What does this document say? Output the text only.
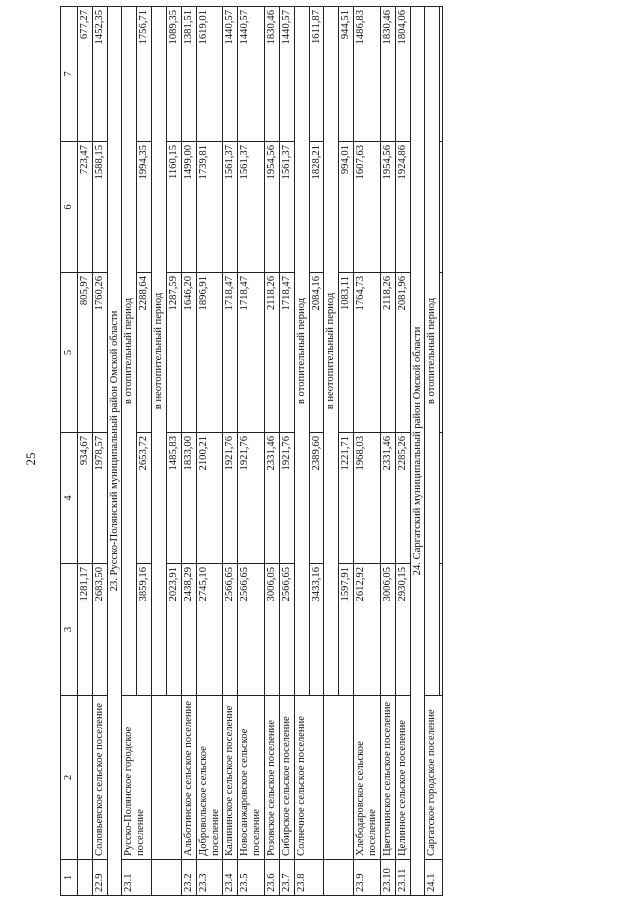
25
1	2	3	4	5	6	7
		1281,17	934,67	805,97	723,47	677,27
22.9	Соловьевское сельское поселение	2683,50	1978,57	1760,26	1588,15	1452,35
23. Русско-Полянский муниципальный район Омской области						
23.1	Русско-Полянское городское поселение	в отопительный период				
		3859,16	2653,72	2288,64	1994,35	1756,71
		в неотопительный период				
		2023,91	1485,83	1287,59	1160,15	1089,35
23.2	Альботинское сельское поселение	2438,29	1833,00	1646,20	1499,00	1381,51
23.3	Добровольское сельское поселение	2745,10	2100,21	1896,91	1739,81	1619,01
23.4	Калининское сельское поселение	2566,65	1921,76	1718,47	1561,37	1440,57
23.5	Новосанжаровское сельское поселение	2566,65	1921,76	1718,47	1561,37	1440,57
23.6	Розовское сельское поселение	3006,05	2331,46	2118,26	1954,56	1830,46
23.7	Сибирское сельское поселение	2566,65	1921,76	1718,47	1561,37	1440,57
23.8	Солнечное сельское поселение	в отопительный период				
		3433,16	2389,60	2084,16	1828,21	1611,87
		в неотопительный период				
		1597,91	1221,71	1083,11	994,01	944,51
23.9	Хлебодаровское сельское поселение	2612,92	1968,03	1764,73	1607,63	1486,83
23.10	Цветочинское сельское поселение	3006,05	2331,46	2118,26	1954,56	1830,46
23.11	Целинное сельское поселение	2930,15	2285,26	2081,96	1924,86	1804,06
24. Саргатский муниципальный район Омской области						
24.1	Саргатское городское поселение	в отопительный период				
